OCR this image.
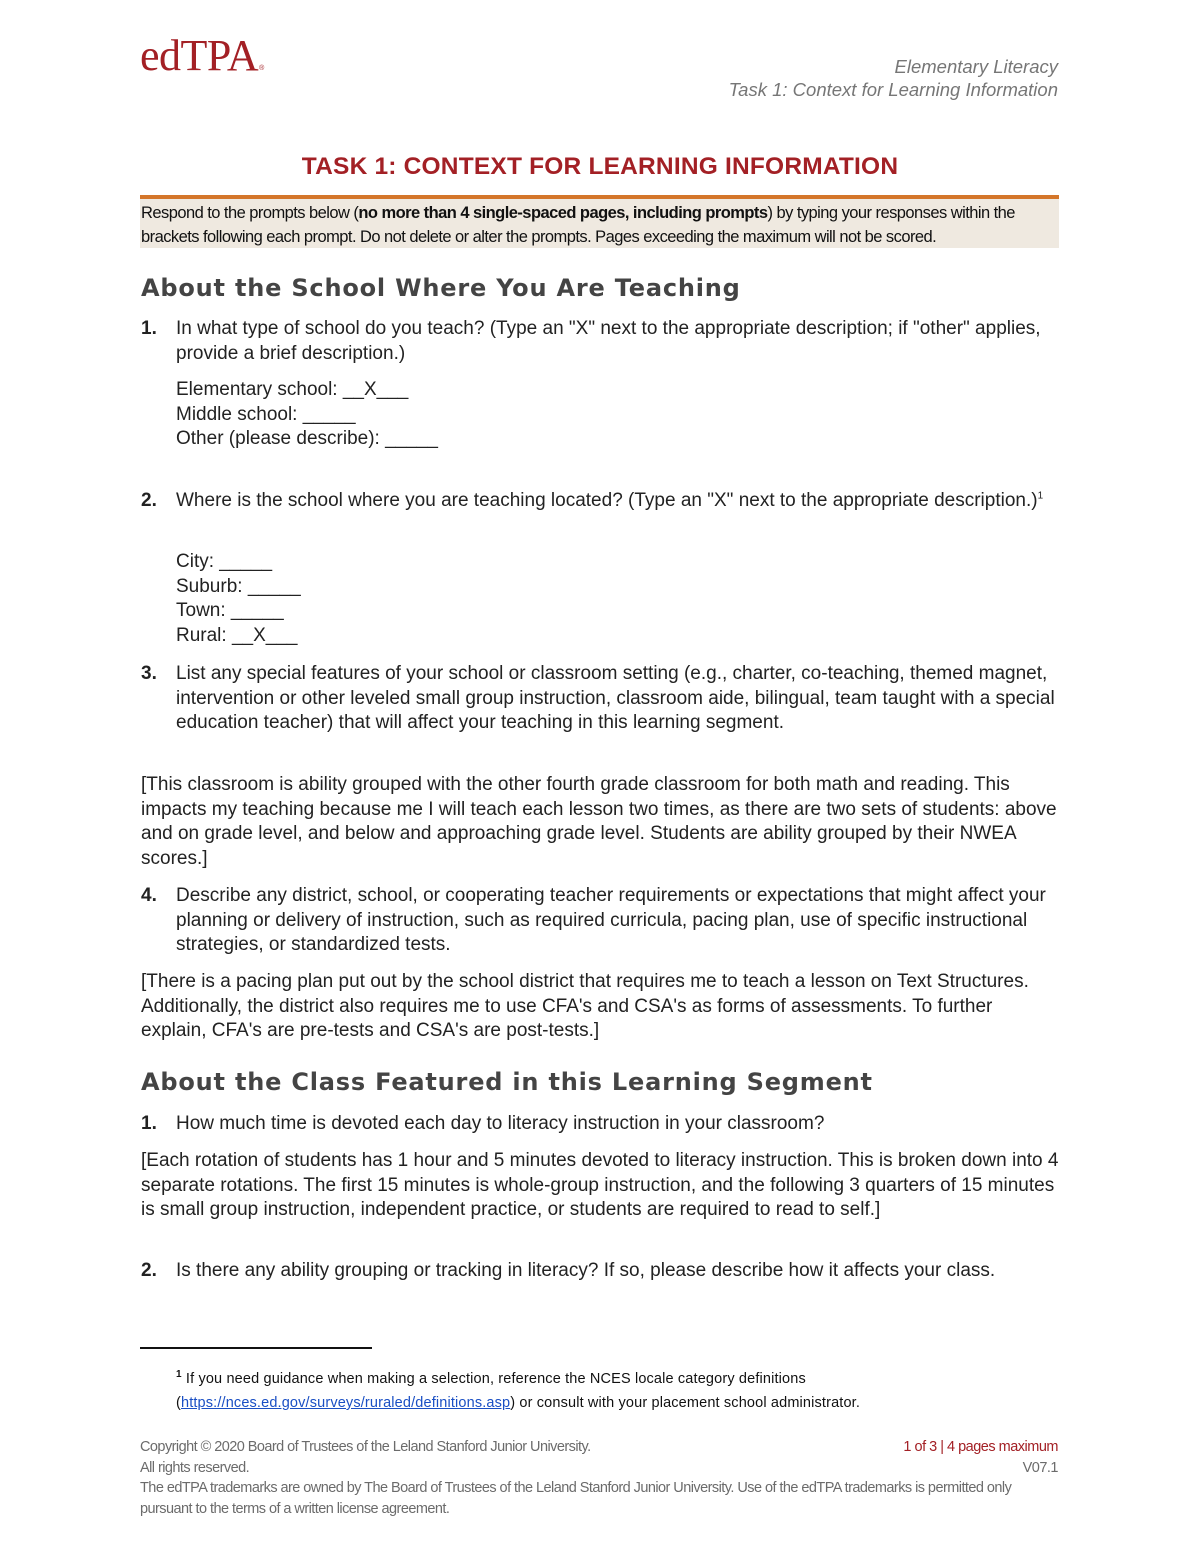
edTPA ®	Elementary Literacy
Task 1: Context for Learning Information
TASK 1: CONTEXT FOR LEARNING INFORMATION
Respond to the prompts below (no more than 4 single-spaced pages, including prompts) by typing your responses within the brackets following each prompt. Do not delete or alter the prompts. Pages exceeding the maximum will not be scored.
About the School Where You Are Teaching
1.	In what type of school do you teach? (Type an "X" next to the appropriate description; if "other" applies, provide a brief description.)
Elementary school: __X___
Middle school: _____
Other (please describe): _____
2.	Where is the school where you are teaching located? (Type an "X" next to the appropriate description.)$^1$
City: _____
Suburb: _____
Town: _____
Rural: __X___
3.	List any special features of your school or classroom setting (e.g., charter, co-teaching, themed magnet, intervention or other leveled small group instruction, classroom aide, bilingual, team taught with a special education teacher) that will affect your teaching in this learning segment.
[This classroom is ability grouped with the other fourth grade classroom for both math and reading. This impacts my teaching because me I will teach each lesson two times, as there are two sets of students: above and on grade level, and below and approaching grade level. Students are ability grouped by their NWEA scores.]
4.	Describe any district, school, or cooperating teacher requirements or expectations that might affect your planning or delivery of instruction, such as required curricula, pacing plan, use of specific instructional strategies, or standardized tests.
[There is a pacing plan put out by the school district that requires me to teach a lesson on Text Structures. Additionally, the district also requires me to use CFA's and CSA's as forms of assessments. To further explain, CFA's are pre-tests and CSA's are post-tests.]
About the Class Featured in this Learning Segment
1.	How much time is devoted each day to literacy instruction in your classroom?
[Each rotation of students has 1 hour and 5 minutes devoted to literacy instruction. This is broken down into 4 separate rotations. The first 15 minutes is whole-group instruction, and the following 3 quarters of 15 minutes is small group instruction, independent practice, or students are required to read to self.]
2.	Is there any ability grouping or tracking in literacy? If so, please describe how it affects your class.
$^1$ If you need guidance when making a selection, reference the NCES locale category definitions
(https://nces.ed.gov/surveys/ruraled/definitions.asp) or consult with your placement school administrator.
Copyright © 2020 Board of Trustees of the Leland Stanford Junior University.
All rights reserved.
The edTPA trademarks are owned by The Board of Trustees of the Leland Stanford Junior University. Use of the edTPA trademarks is permitted only pursuant to the terms of a written license agreement.
1 of 3 | 4 pages maximum
V07.1
